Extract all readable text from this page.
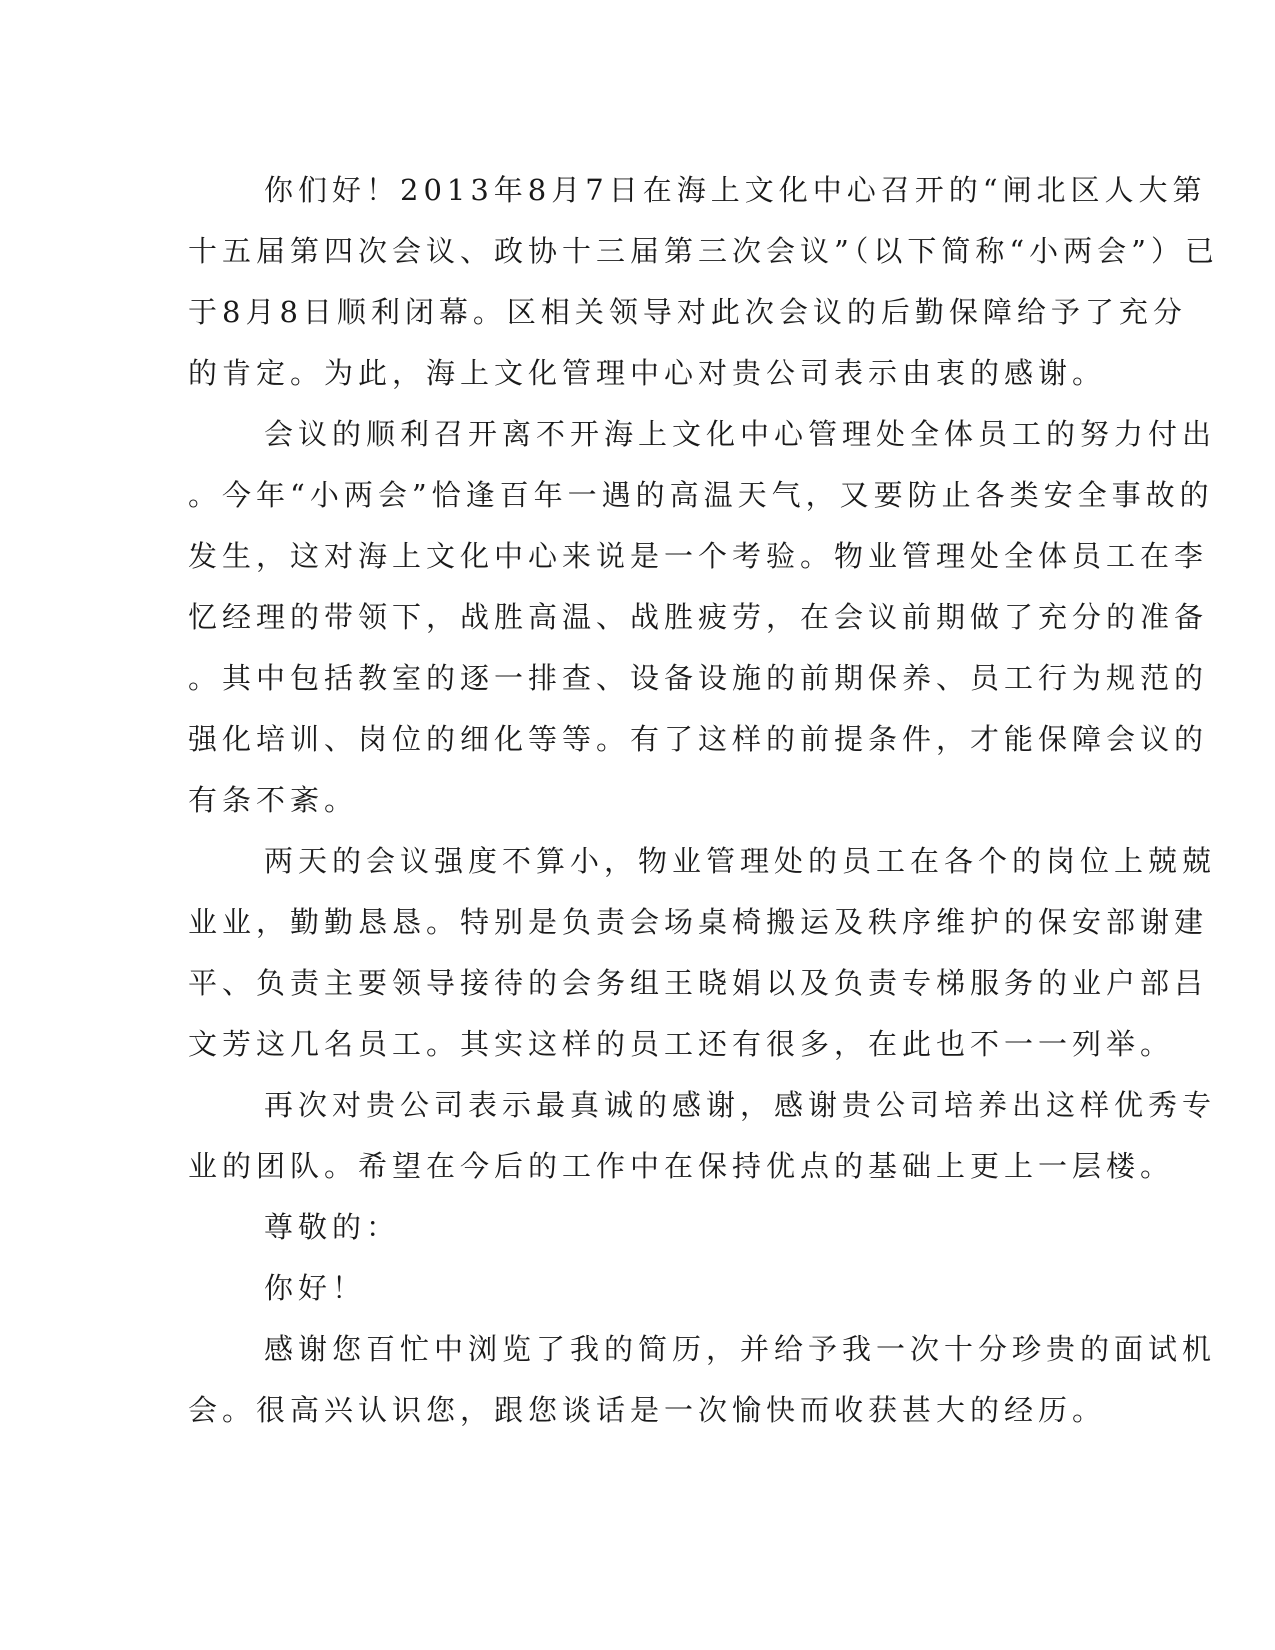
你们好！2013年8月7日在海上文化中心召开的“闸北区人大第
十五届第四次会议、政协十三届第三次会议”（以下简称“小两会”）已
于8月8日顺利闭幕。区相关领导对此次会议的后勤保障给予了充分
的肯定。为此，海上文化管理中心对贵公司表示由衷的感谢。
会议的顺利召开离不开海上文化中心管理处全体员工的努力付出
。今年“小两会”恰逢百年一遇的高温天气，又要防止各类安全事故的
发生，这对海上文化中心来说是一个考验。物业管理处全体员工在李
忆经理的带领下，战胜高温、战胜疲劳，在会议前期做了充分的准备
。其中包括教室的逐一排查、设备设施的前期保养、员工行为规范的
强化培训、岗位的细化等等。有了这样的前提条件，才能保障会议的
有条不紊。
两天的会议强度不算小，物业管理处的员工在各个的岗位上兢兢
业业，勤勤恳恳。特别是负责会场桌椅搬运及秩序维护的保安部谢建
平、负责主要领导接待的会务组王晓娟以及负责专梯服务的业户部吕
文芳这几名员工。其实这样的员工还有很多，在此也不一一列举。
再次对贵公司表示最真诚的感谢，感谢贵公司培养出这样优秀专
业的团队。希望在今后的工作中在保持优点的基础上更上一层楼。
尊敬的：
你好！
感谢您百忙中浏览了我的简历，并给予我一次十分珍贵的面试机
会。很高兴认识您，跟您谈话是一次愉快而收获甚大的经历。
